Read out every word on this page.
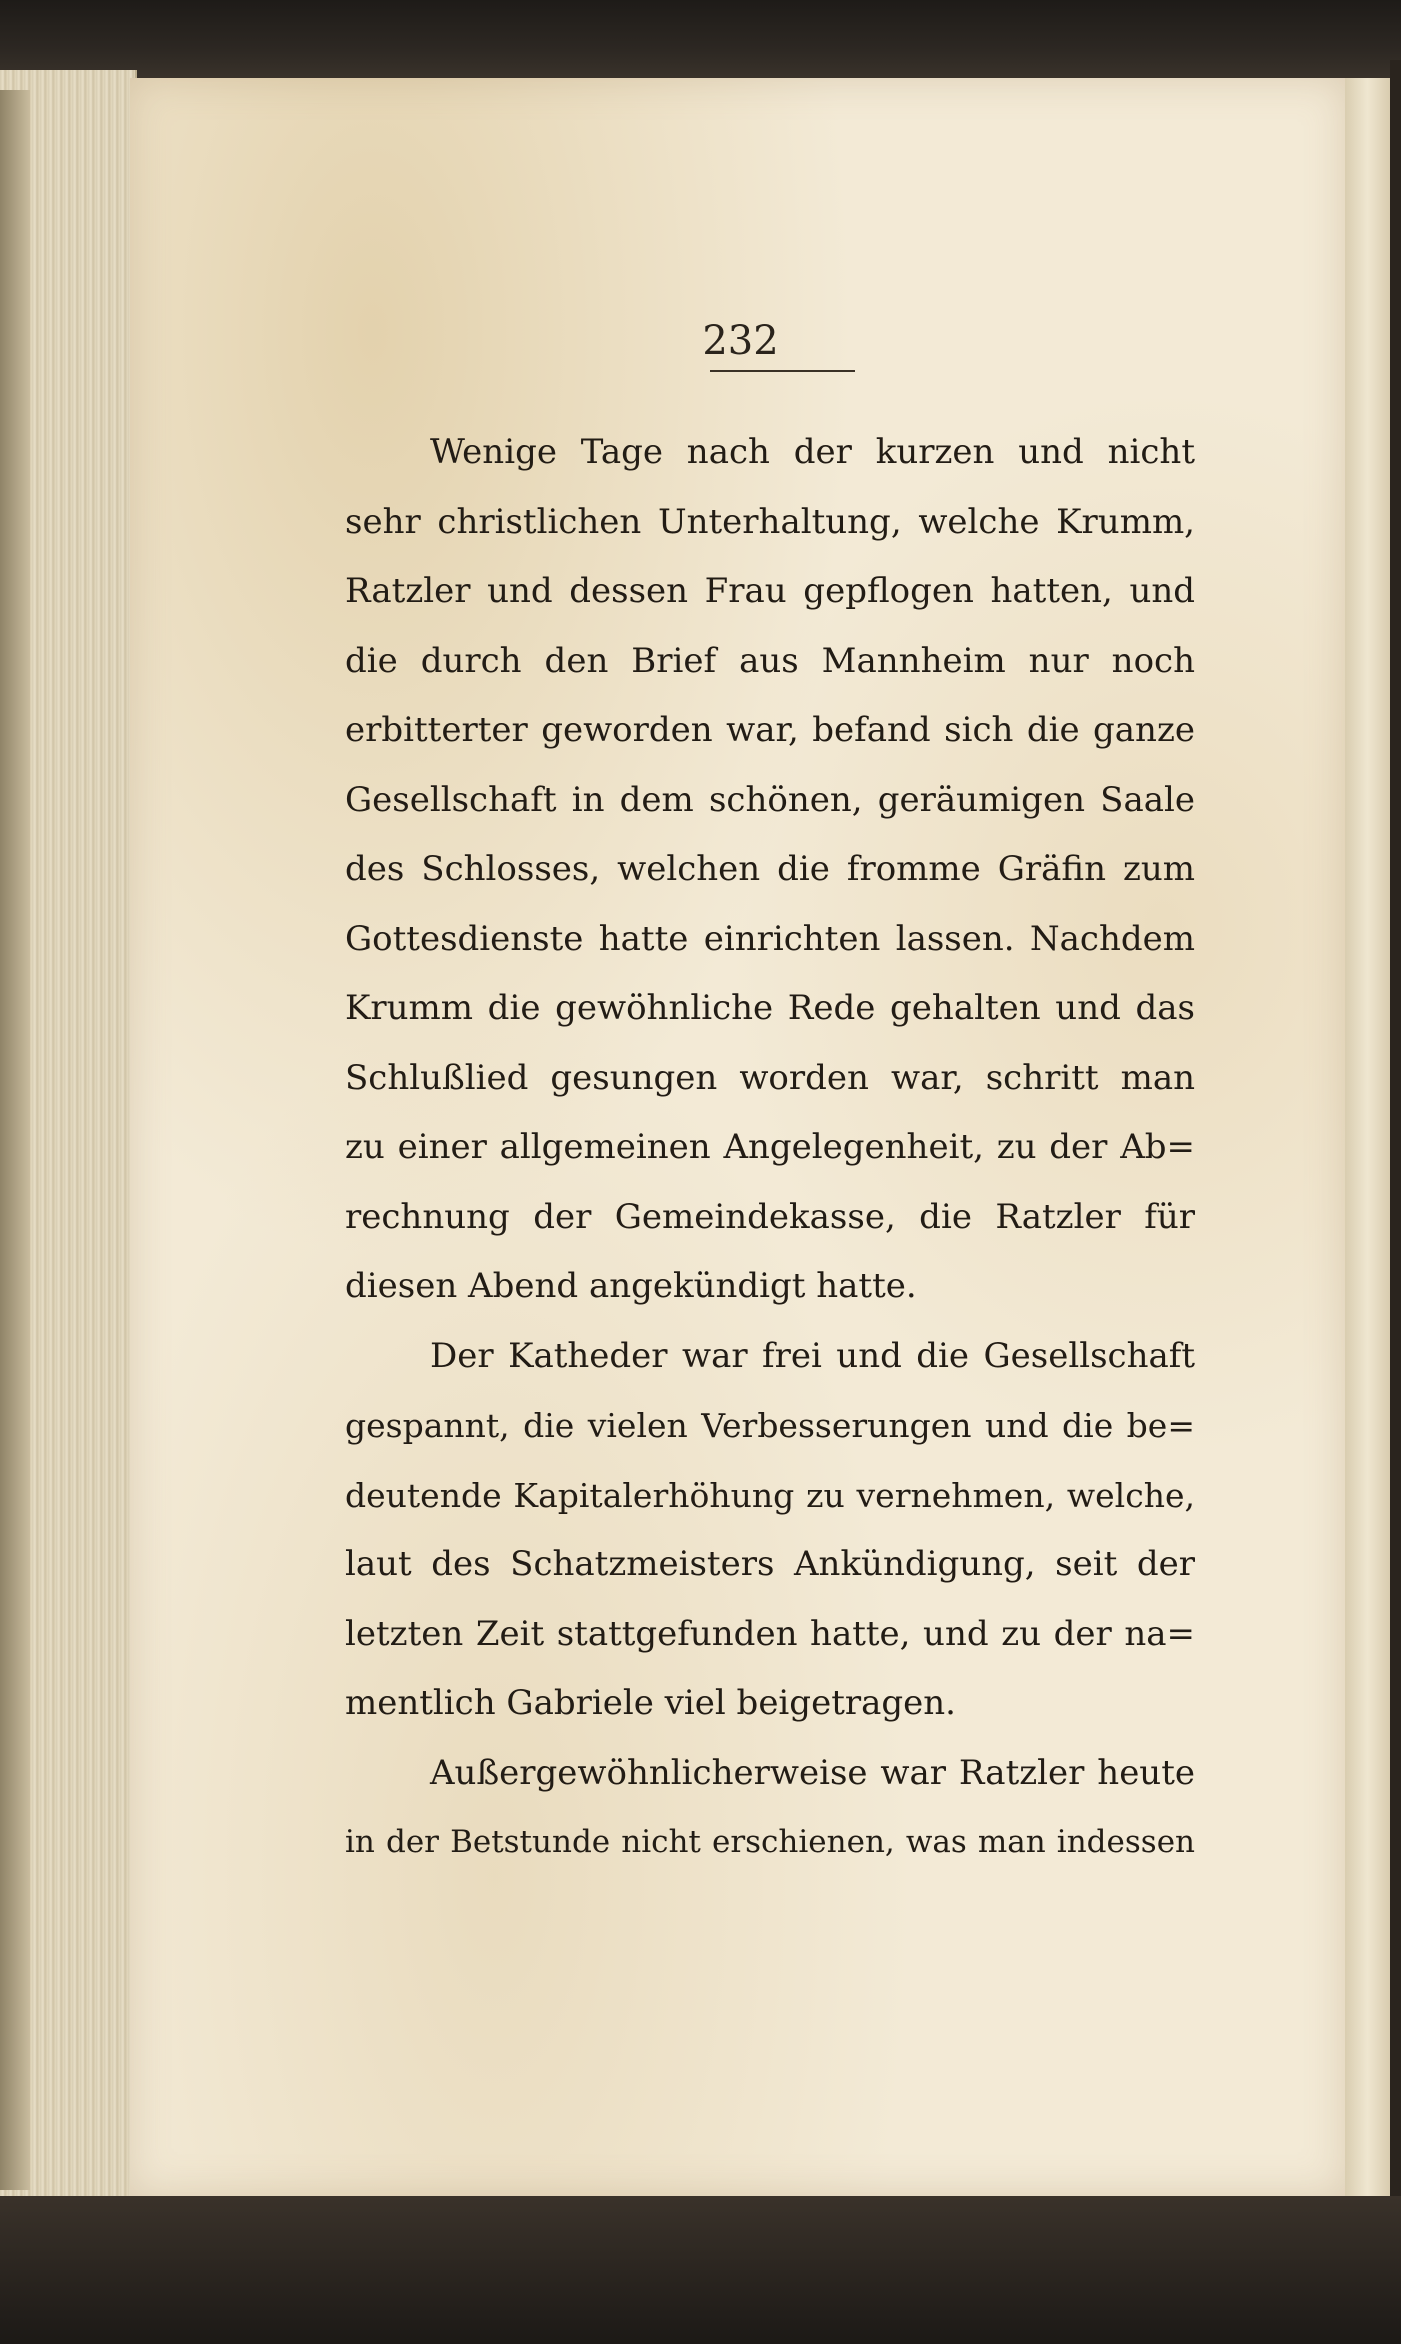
232
Wenige Tage nach der kurzen und nicht
sehr christlichen Unterhaltung, welche Krumm,
Ratzler und dessen Frau gepflogen hatten, und
die durch den Brief aus Mannheim nur noch
erbitterter geworden war, befand sich die ganze
Gesellschaft in dem schönen, geräumigen Saale
des Schlosses, welchen die fromme Gräfin zum
Gottesdienste hatte einrichten lassen. Nachdem
Krumm die gewöhnliche Rede gehalten und das
Schlußlied gesungen worden war, schritt man
zu einer allgemeinen Angelegenheit, zu der Ab=
rechnung der Gemeindekasse, die Ratzler für
diesen Abend angekündigt hatte.
Der Katheder war frei und die Gesellschaft
gespannt, die vielen Verbesserungen und die be=
deutende Kapitalerhöhung zu vernehmen, welche,
laut des Schatzmeisters Ankündigung, seit der
letzten Zeit stattgefunden hatte, und zu der na=
mentlich Gabriele viel beigetragen.
Außergewöhnlicherweise war Ratzler heute
in der Betstunde nicht erschienen, was man indessen
